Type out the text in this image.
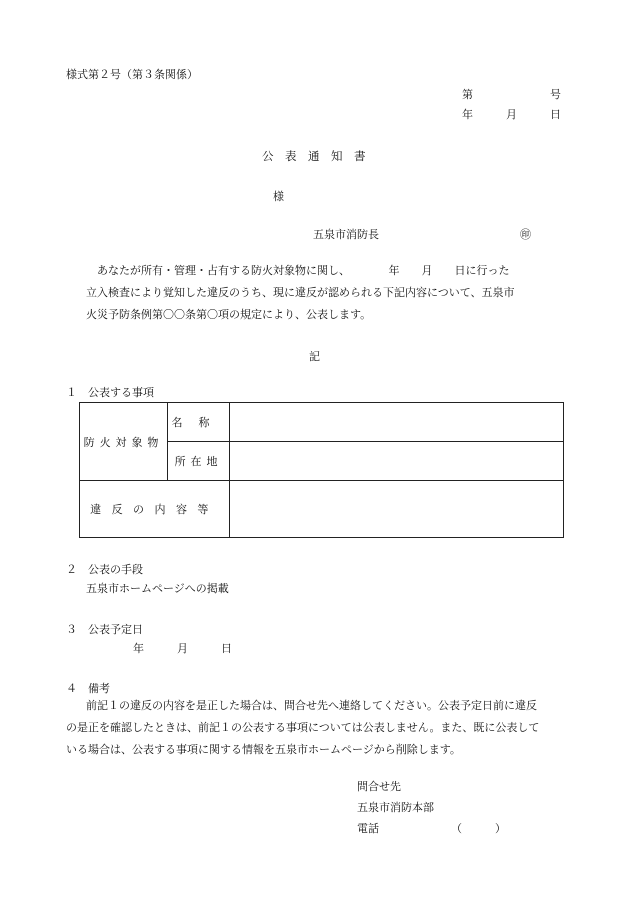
様式第２号（第３条関係）
第　　　　　　　号
年　　　月　　　日
公　表　通　知　書
様
五泉市消防長	㊞
あなたが所有・管理・占有する防火対象物に関し、　　　　年　　月　　日に行った
立入検査により覚知した違反のうち、現に違反が認められる下記内容について、五泉市
火災予防条例第〇〇条第〇項の規定により、公表します。
記
１　公表する事項
防火対象物	名称	
	所在地	
違反の内容等		
２　公表の手段
五泉市ホームページへの掲載
３　公表予定日
年　　　月　　　日
４　備考
前記１の違反の内容を是正した場合は、問合せ先へ連絡してください。公表予定日前に違反
の是正を確認したときは、前記１の公表する事項については公表しません。また、既に公表して
いる場合は、公表する事項に関する情報を五泉市ホームページから削除します。
問合せ先
五泉市消防本部
電話	（　　　）
